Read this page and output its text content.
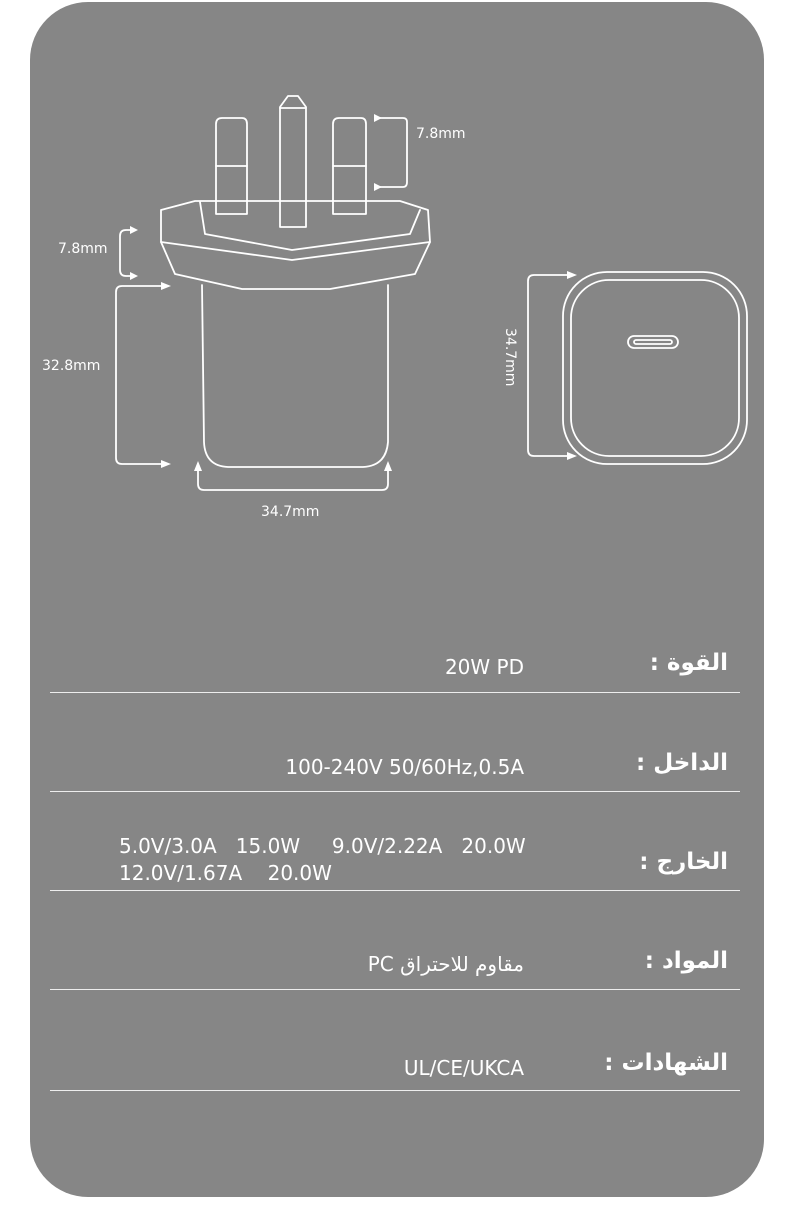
7.8mm
7.8mm
32.8mm
34.7mm
34.7mm
القوة :
20W PD
الداخل :
100-240V 50/60Hz,0.5A
الخارج :
5.0V/3.0A   15.0W     9.0V/2.22A   20.0W
12.0V/1.67A    20.0W
المواد :
PC مقاوم للاحتراق
الشهادات :
UL/CE/UKCA
